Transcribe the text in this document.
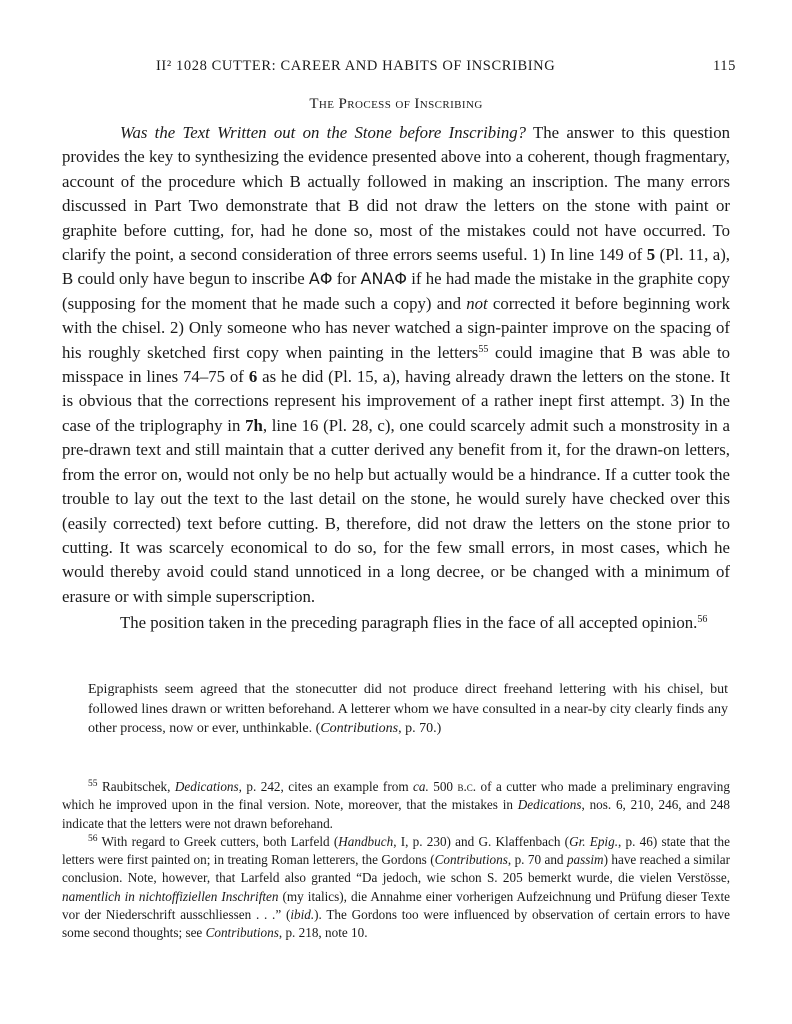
II² 1028 CUTTER: CAREER AND HABITS OF INSCRIBING	115
The Process of Inscribing

Was the Text Written out on the Stone before Inscribing? The answer to this question provides the key to synthesizing the evidence presented above into a coherent, though fragmentary, account of the procedure which B actually followed in making an inscription. The many errors discussed in Part Two demonstrate that B did not draw the letters on the stone with paint or graphite before cutting, for, had he done so, most of the mistakes could not have occurred. To clarify the point, a second consideration of three errors seems useful. 1) In line 149 of 5 (Pl. 11, a), B could only have begun to inscribe ΑΦ for ΑΝΑΦ if he had made the mistake in the graphite copy (supposing for the moment that he made such a copy) and not corrected it before beginning work with the chisel. 2) Only someone who has never watched a sign-painter improve on the spacing of his roughly sketched first copy when painting in the letters$^{55}$ could imagine that B was able to misspace in lines 74–75 of 6 as he did (Pl. 15, a), having already drawn the letters on the stone. It is obvious that the corrections represent his improvement of a rather inept first attempt. 3) In the case of the triplography in 7h, line 16 (Pl. 28, c), one could scarcely admit such a monstrosity in a pre-drawn text and still maintain that a cutter derived any benefit from it, for the drawn-on letters, from the error on, would not only be no help but actually would be a hindrance. If a cutter took the trouble to lay out the text to the last detail on the stone, he would surely have checked over this (easily corrected) text before cutting. B, therefore, did not draw the letters on the stone prior to cutting. It was scarcely economical to do so, for the few small errors, in most cases, which he would thereby avoid could stand unnoticed in a long decree, or be changed with a minimum of erasure or with simple superscription.

The position taken in the preceding paragraph flies in the face of all accepted opinion.$^{56}$

Epigraphists seem agreed that the stonecutter did not produce direct freehand lettering with his chisel, but followed lines drawn or written beforehand. A letterer whom we have consulted in a near-by city clearly finds any other process, now or ever, unthinkable. (Contributions, p. 70.)

$^{55}$ Raubitschek, Dedications, p. 242, cites an example from ca. 500 b.c. of a cutter who made a preliminary engraving which he improved upon in the final version. Note, moreover, that the mistakes in Dedications, nos. 6, 210, 246, and 248 indicate that the letters were not drawn beforehand.

$^{56}$ With regard to Greek cutters, both Larfeld (Handbuch, I, p. 230) and G. Klaffenbach (Gr. Epig., p. 46) state that the letters were first painted on; in treating Roman letterers, the Gordons (Contributions, p. 70 and passim) have reached a similar conclusion. Note, however, that Larfeld also granted “Da jedoch, wie schon S. 205 bemerkt wurde, die vielen Verstösse, namentlich in nichtoffiziellen Inschriften (my italics), die Annahme einer vorherigen Aufzeichnung und Prüfung dieser Texte vor der Niederschrift ausschliessen . . .” (ibid.). The Gordons too were influenced by observation of certain errors to have some second thoughts; see Contributions, p. 218, note 10.
